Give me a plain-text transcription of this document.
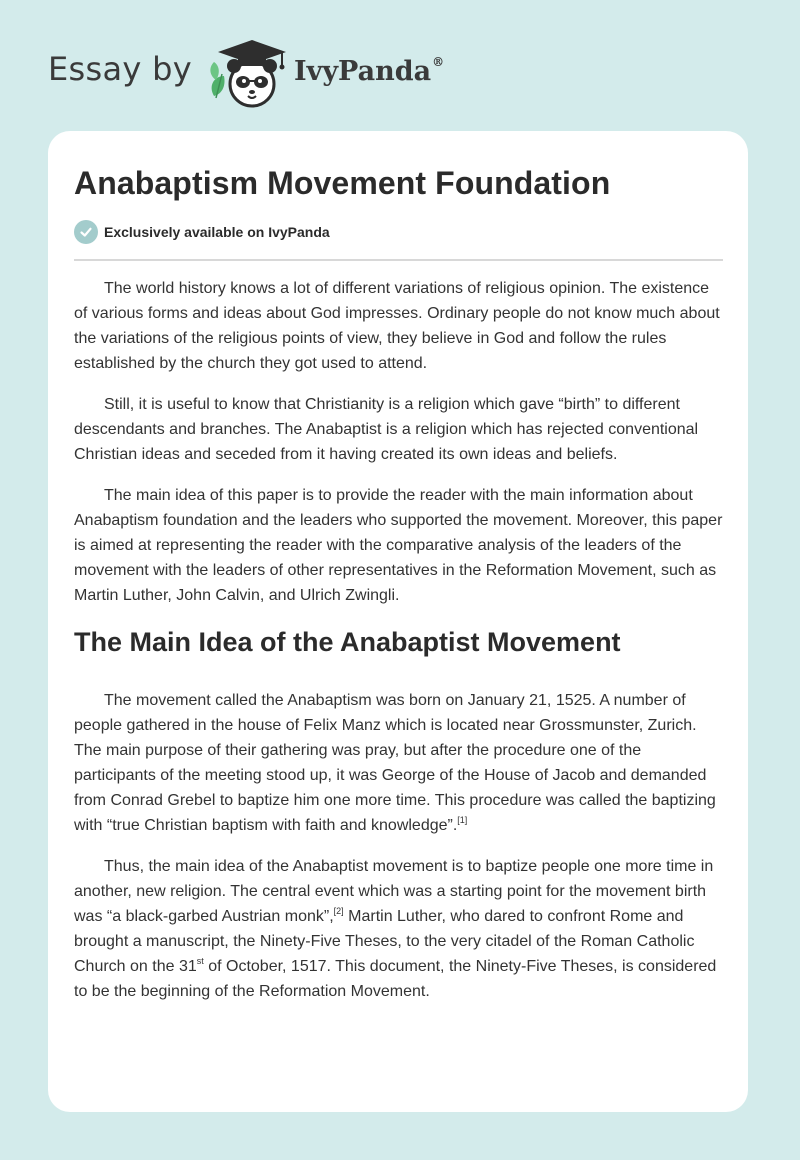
Essay by	IvyPanda®
Anabaptism Movement Foundation
Exclusively available on IvyPanda

The world history knows a lot of different variations of religious opinion. The existence of various forms and ideas about God impresses. Ordinary people do not know much about the variations of the religious points of view, they believe in God and follow the rules established by the church they got used to attend.

Still, it is useful to know that Christianity is a religion which gave “birth” to different descendants and branches. The Anabaptist is a religion which has rejected conventional Christian ideas and seceded from it having created its own ideas and beliefs.

The main idea of this paper is to provide the reader with the main information about Anabaptism foundation and the leaders who supported the movement. Moreover, this paper is aimed at representing the reader with the comparative analysis of the leaders of the movement with the leaders of other representatives in the Reformation Movement, such as Martin Luther, John Calvin, and Ulrich Zwingli.

The Main Idea of the Anabaptist Movement

The movement called the Anabaptism was born on January 21, 1525. A number of people gathered in the house of Felix Manz which is located near Grossmunster, Zurich. The main purpose of their gathering was pray, but after the procedure one of the participants of the meeting stood up, it was George of the House of Jacob and demanded from Conrad Grebel to baptize him one more time. This procedure was called the baptizing with “true Christian baptism with faith and knowledge”.[1]

Thus, the main idea of the Anabaptist movement is to baptize people one more time in another, new religion. The central event which was a starting point for the movement birth was “a black-garbed Austrian monk”,[2] Martin Luther, who dared to confront Rome and brought a manuscript, the Ninety-Five Theses, to the very citadel of the Roman Catholic Church on the 31st of October, 1517. This document, the Ninety-Five Theses, is considered to be the beginning of the Reformation Movement.
